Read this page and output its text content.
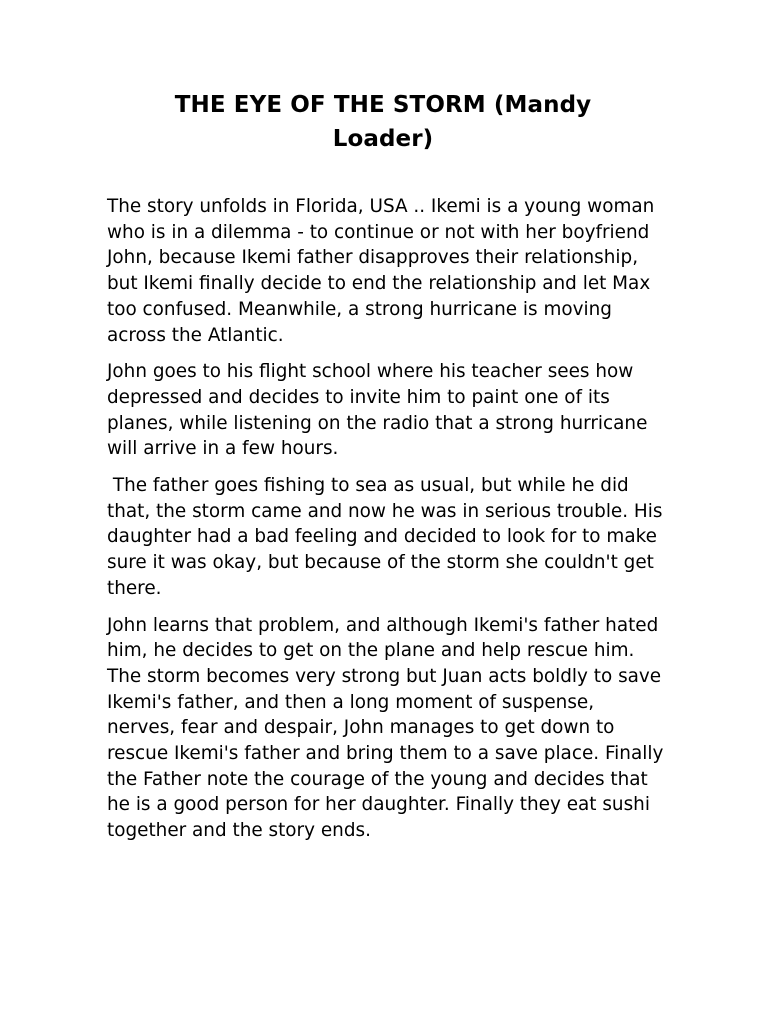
THE EYE OF THE STORM (Mandy Loader)

The story unfolds in Florida, USA .. Ikemi is a young woman who is in a dilemma - to continue or not with her boyfriend John, because Ikemi father disapproves their relationship, but Ikemi finally decide to end the relationship and let Max too confused. Meanwhile, a strong hurricane is moving across the Atlantic.

John goes to his flight school where his teacher sees how depressed and decides to invite him to paint one of its planes, while listening on the radio that a strong hurricane will arrive in a few hours.

The father goes fishing to sea as usual, but while he did that, the storm came and now he was in serious trouble. His daughter had a bad feeling and decided to look for to make sure it was okay, but because of the storm she couldn't get there.

John learns that problem, and although Ikemi's father hated him, he decides to get on the plane and help rescue him. The storm becomes very strong but Juan acts boldly to save Ikemi's father, and then a long moment of suspense, nerves, fear and despair, John manages to get down to rescue Ikemi's father and bring them to a save place. Finally the Father note the courage of the young and decides that he is a good person for her daughter. Finally they eat sushi together and the story ends.
